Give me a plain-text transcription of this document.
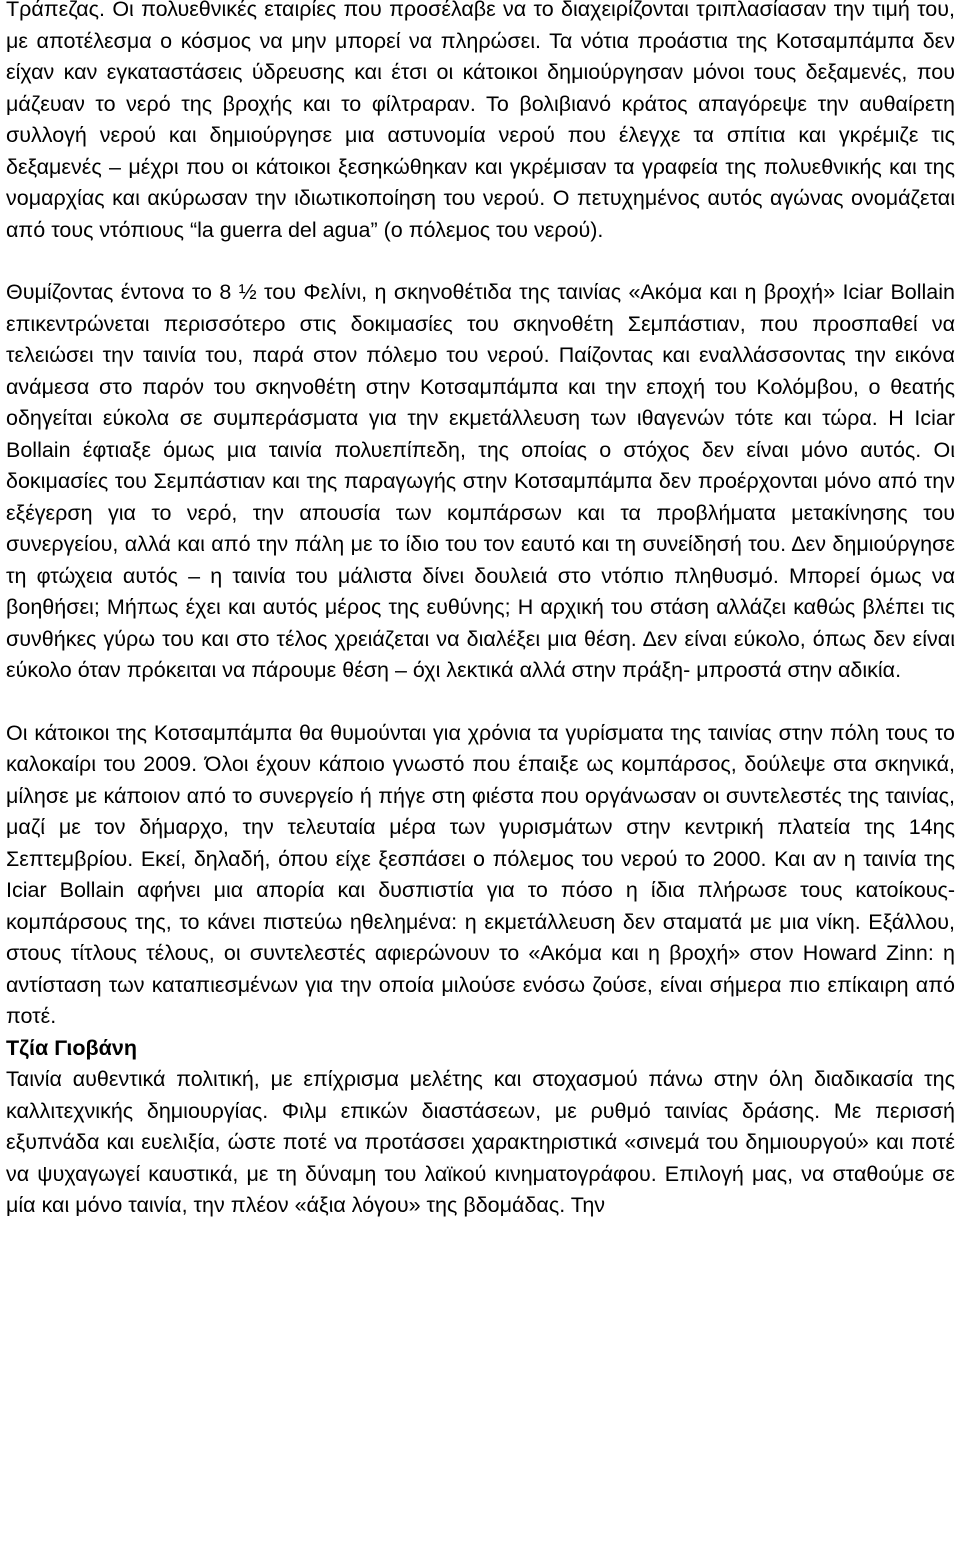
Τράπεζας. Οι πολυεθνικές εταιρίες που προσέλαβε να το διαχειρίζονται τριπλασίασαν την τιμή του, με αποτέλεσμα ο κόσμος να μην μπορεί να πληρώσει. Τα νότια προάστια της Κοτσαμπάμπα δεν είχαν καν εγκαταστάσεις ύδρευσης και έτσι οι κάτοικοι δημιούργησαν μόνοι τους δεξαμενές, που μάζευαν το νερό της βροχής και το φίλτραραν. Το βολιβιανό κράτος απαγόρεψε την αυθαίρετη συλλογή νερού και δημιούργησε μια αστυνομία νερού που έλεγχε τα σπίτια και γκρέμιζε τις δεξαμενές – μέχρι που οι κάτοικοι ξεσηκώθηκαν και γκρέμισαν τα γραφεία της πολυεθνικής και της νομαρχίας και ακύρωσαν την ιδιωτικοποίηση του νερού. Ο πετυχημένος αυτός αγώνας ονομάζεται από τους ντόπιους “la guerra del agua” (ο πόλεμος του νερού).

Θυμίζοντας έντονα το 8 ½ του Φελίνι, η σκηνοθέτιδα της ταινίας «Ακόμα και η βροχή» Iciar Bollain επικεντρώνεται περισσότερο στις δοκιμασίες του σκηνοθέτη Σεμπάστιαν, που προσπαθεί να τελειώσει την ταινία του, παρά στον πόλεμο του νερού. Παίζοντας και εναλλάσσοντας την εικόνα ανάμεσα στο παρόν του σκηνοθέτη στην Κοτσαμπάμπα και την εποχή του Κολόμβου, ο θεατής οδηγείται εύκολα σε συμπεράσματα για την εκμετάλλευση των ιθαγενών τότε και τώρα. Η Iciar Bollain έφτιαξε όμως μια ταινία πολυεπίπεδη, της οποίας ο στόχος δεν είναι μόνο αυτός. Οι δοκιμασίες του Σεμπάστιαν και της παραγωγής στην Κοτσαμπάμπα δεν προέρχονται μόνο από την εξέγερση για το νερό, την απουσία των κομπάρσων και τα προβλήματα μετακίνησης του συνεργείου, αλλά και από την πάλη με το ίδιο του τον εαυτό και τη συνείδησή του. Δεν δημιούργησε τη φτώχεια αυτός – η ταινία του μάλιστα δίνει δουλειά στο ντόπιο πληθυσμό. Μπορεί όμως να βοηθήσει; Μήπως έχει και αυτός μέρος της ευθύνης; Η αρχική του στάση αλλάζει καθώς βλέπει τις συνθήκες γύρω του και στο τέλος χρειάζεται να διαλέξει μια θέση. Δεν είναι εύκολο, όπως δεν είναι εύκολο όταν πρόκειται να πάρουμε θέση – όχι λεκτικά αλλά στην πράξη- μπροστά στην αδικία.

Οι κάτοικοι της Κοτσαμπάμπα θα θυμούνται για χρόνια τα γυρίσματα της ταινίας στην πόλη τους το καλοκαίρι του 2009. Όλοι έχουν κάποιο γνωστό που έπαιξε ως κομπάρσος, δούλεψε στα σκηνικά, μίλησε με κάποιον από το συνεργείο ή πήγε στη φιέστα που οργάνωσαν οι συντελεστές της ταινίας, μαζί με τον δήμαρχο, την τελευταία μέρα των γυρισμάτων στην κεντρική πλατεία της 14ης Σεπτεμβρίου. Εκεί, δηλαδή, όπου είχε ξεσπάσει ο πόλεμος του νερού το 2000. Και αν η ταινία της Iciar Bollain αφήνει μια απορία και δυσπιστία για το πόσο η ίδια πλήρωσε τους κατοίκους-κομπάρσους της, το κάνει πιστεύω ηθελημένα: η εκμετάλλευση δεν σταματά με μια νίκη. Εξάλλου, στους τίτλους τέλους, οι συντελεστές αφιερώνουν το «Ακόμα και η βροχή» στον Howard Zinn: η αντίσταση των καταπιεσμένων για την οποία μιλούσε ενόσω ζούσε, είναι σήμερα πιο επίκαιρη από ποτέ.

Τζία Γιοβάνη

Ταινία αυθεντικά πολιτική, με επίχρισμα μελέτης και στοχασμού πάνω στην όλη διαδικασία της καλλιτεχνικής δημιουργίας. Φιλμ επικών διαστάσεων, με ρυθμό ταινίας δράσης. Με περισσή εξυπνάδα και ευελιξία, ώστε ποτέ να προτάσσει χαρακτηριστικά «σινεμά του δημιουργού» και ποτέ να ψυχαγωγεί καυστικά, με τη δύναμη του λαϊκού κινηματογράφου. Επιλογή μας, να σταθούμε σε μία και μόνο ταινία, την πλέον «άξια λόγου» της βδομάδας. Την
